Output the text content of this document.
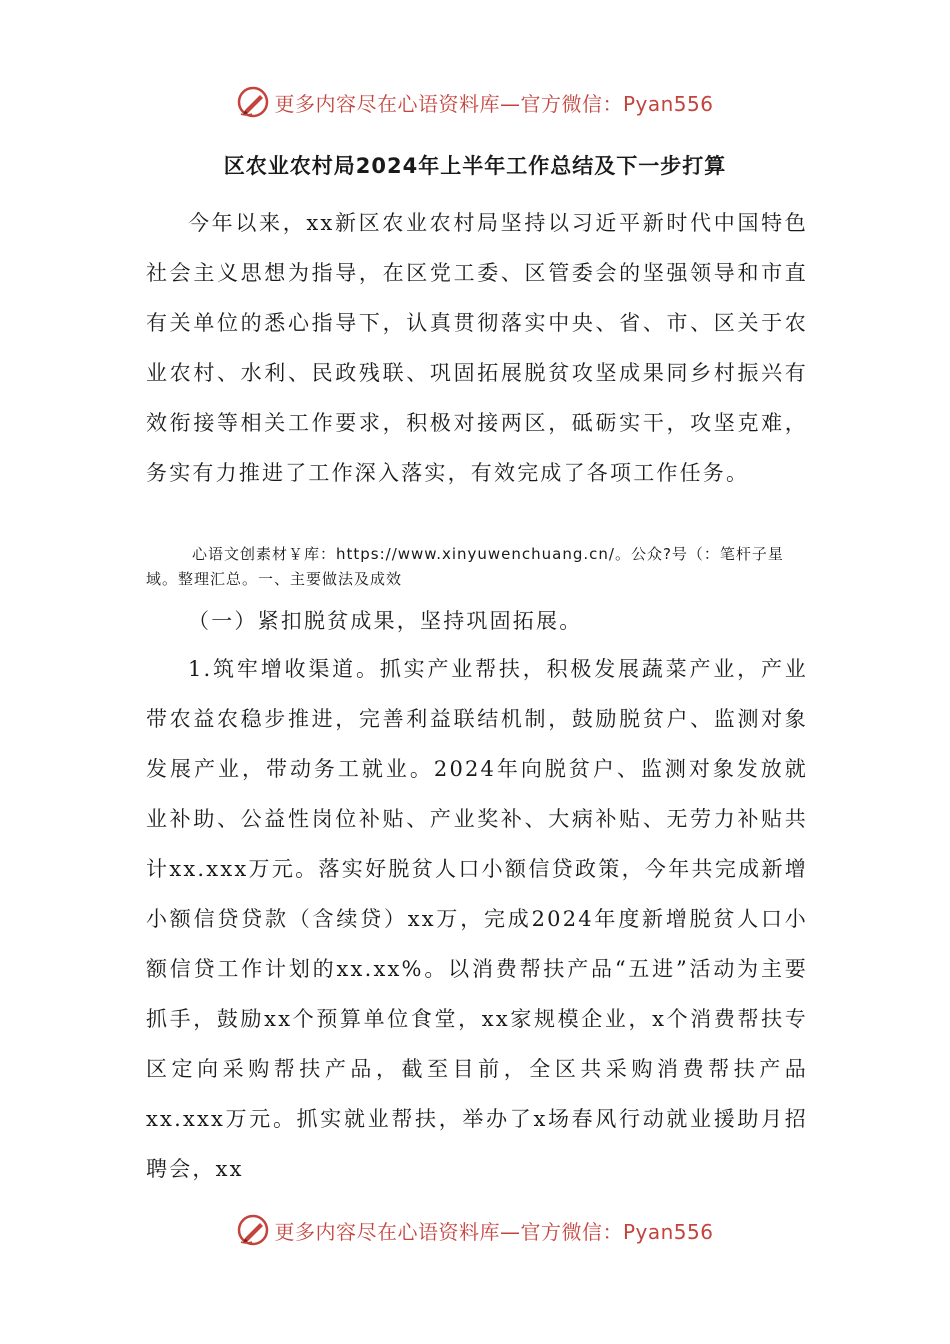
更多内容尽在心语资料库—官方微信：Pyan556
区农业农村局2024年上半年工作总结及下一步打算

今年以来，xx新区农业农村局坚持以习近平新时代中国特色社会主义思想为指导，在区党工委、区管委会的坚强领导和市直有关单位的悉心指导下，认真贯彻落实中央、省、市、区关于农业农村、水利、民政残联、巩固拓展脱贫攻坚成果同乡村振兴有效衔接等相关工作要求，积极对接两区，砥砺实干，攻坚克难，务实有力推进了工作深入落实，有效完成了各项工作任务。

心语文创素材￥库：https://www.xinyuwenchuang.cn/。公众?号（：笔杆子星域。整理汇总。一、主要做法及成效

（一）紧扣脱贫成果，坚持巩固拓展。

1.筑牢增收渠道。抓实产业帮扶，积极发展蔬菜产业，产业带农益农稳步推进，完善利益联结机制，鼓励脱贫户、监测对象发展产业，带动务工就业。2024年向脱贫户、监测对象发放就业补助、公益性岗位补贴、产业奖补、大病补贴、无劳力补贴共计xx.xxx万元。落实好脱贫人口小额信贷政策，今年共完成新增小额信贷贷款（含续贷）xx万，完成2024年度新增脱贫人口小额信贷工作计划的xx.xx%。以消费帮扶产品“五进”活动为主要抓手，鼓励xx个预算单位食堂，xx家规模企业，x个消费帮扶专区定向采购帮扶产品，截至目前，全区共采购消费帮扶产品xx.xxx万元。抓实就业帮扶，举办了x场春风行动就业援助月招聘会，xx

更多内容尽在心语资料库—官方微信：Pyan556
